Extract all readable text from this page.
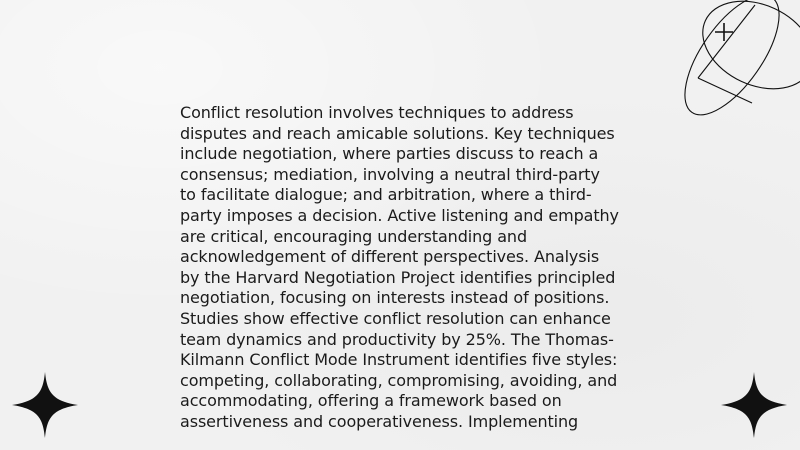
Conflict resolution involves techniques to address disputes and reach amicable solutions. Key techniques include negotiation, where parties discuss to reach a consensus; mediation, involving a neutral third-party to facilitate dialogue; and arbitration, where a third-party imposes a decision. Active listening and empathy are critical, encouraging understanding and acknowledgement of different perspectives. Analysis by the Harvard Negotiation Project identifies principled negotiation, focusing on interests instead of positions. Studies show effective conflict resolution can enhance team dynamics and productivity by 25%. The Thomas-Kilmann Conflict Mode Instrument identifies five styles: competing, collaborating, compromising, avoiding, and accommodating, offering a framework based on assertiveness and cooperativeness. Implementing
